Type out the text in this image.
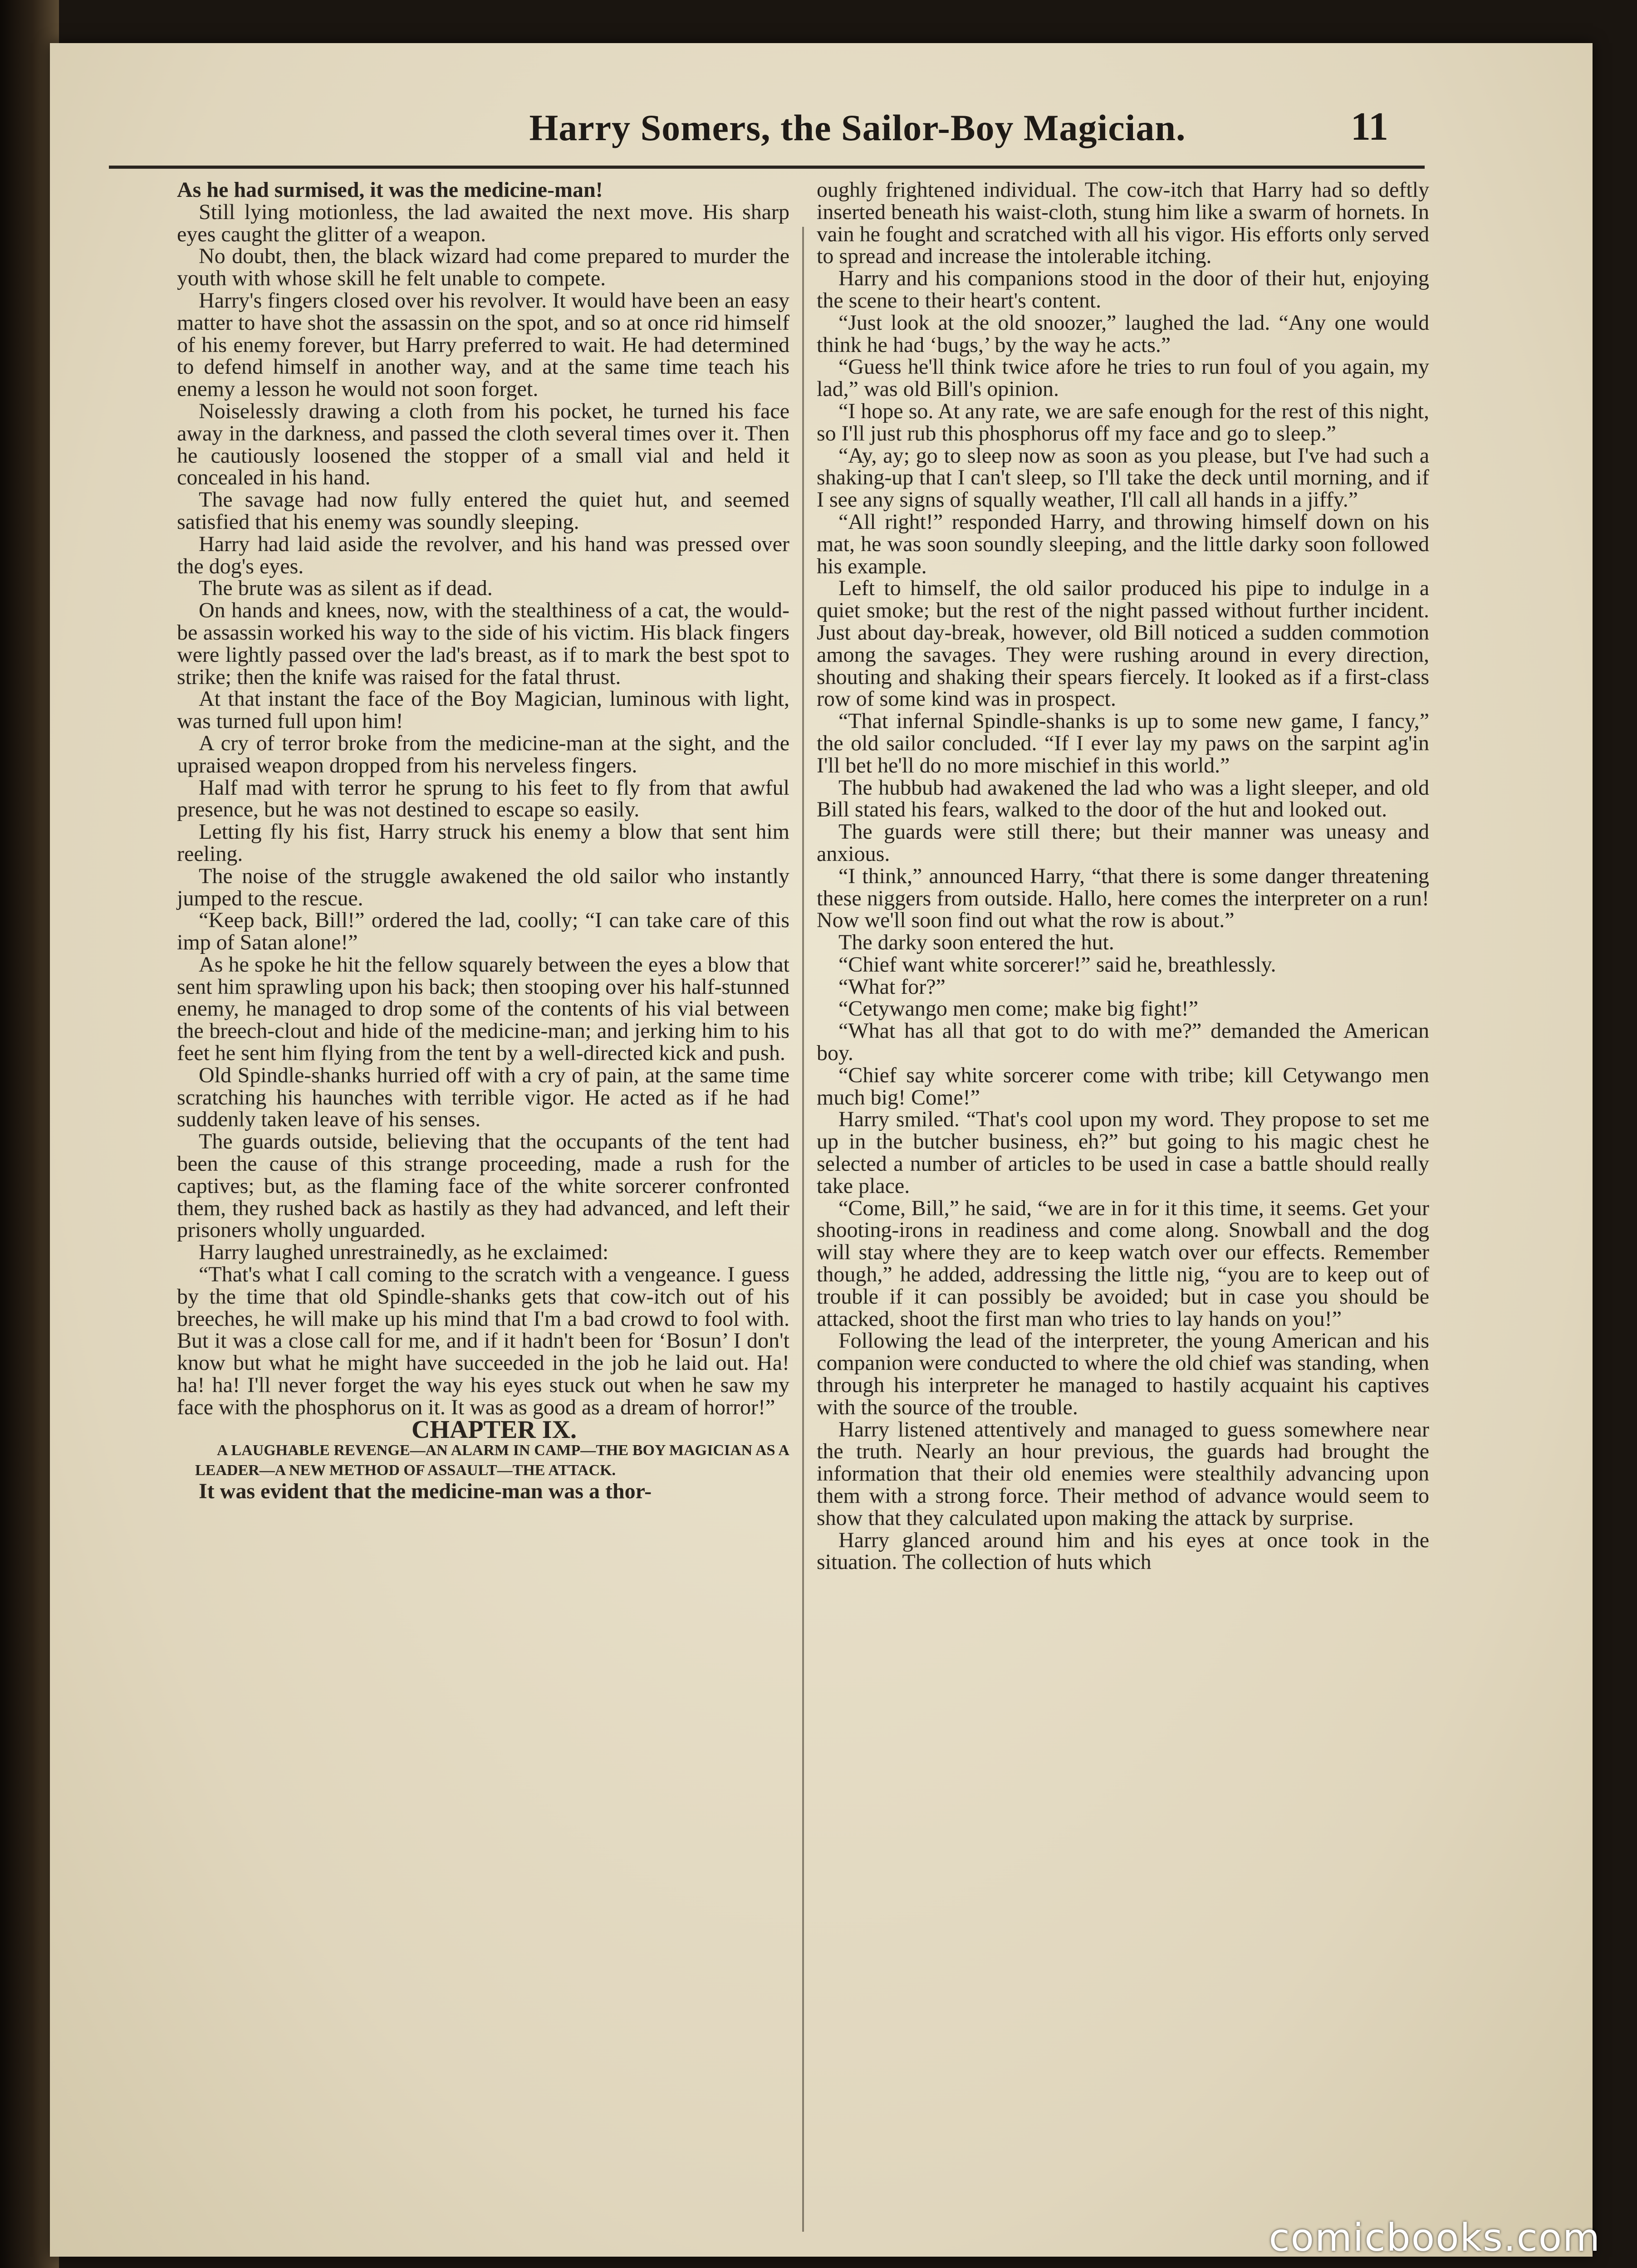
Harry Somers, the Sailor-Boy Magician.	11

As he had surmised, it was the medicine-man!

Still lying motionless, the lad awaited the next move. His sharp eyes caught the glitter of a weapon.

No doubt, then, the black wizard had come prepared to murder the youth with whose skill he felt unable to compete.

Harry's fingers closed over his revolver. It would have been an easy matter to have shot the assassin on the spot, and so at once rid himself of his enemy forever, but Harry preferred to wait. He had determined to defend himself in another way, and at the same time teach his enemy a lesson he would not soon forget.

Noiselessly drawing a cloth from his pocket, he turned his face away in the darkness, and passed the cloth several times over it. Then he cautiously loosened the stopper of a small vial and held it concealed in his hand.

The savage had now fully entered the quiet hut, and seemed satisfied that his enemy was soundly sleeping.

Harry had laid aside the revolver, and his hand was pressed over the dog's eyes.

The brute was as silent as if dead.

On hands and knees, now, with the stealthiness of a cat, the would-be assassin worked his way to the side of his victim. His black fingers were lightly passed over the lad's breast, as if to mark the best spot to strike; then the knife was raised for the fatal thrust.

At that instant the face of the Boy Magician, luminous with light, was turned full upon him!

A cry of terror broke from the medicine-man at the sight, and the upraised weapon dropped from his nerveless fingers.

Half mad with terror he sprung to his feet to fly from that awful presence, but he was not destined to escape so easily.

Letting fly his fist, Harry struck his enemy a blow that sent him reeling.

The noise of the struggle awakened the old sailor who instantly jumped to the rescue.

“Keep back, Bill!” ordered the lad, coolly; “I can take care of this imp of Satan alone!”

As he spoke he hit the fellow squarely between the eyes a blow that sent him sprawling upon his back; then stooping over his half-stunned enemy, he managed to drop some of the contents of his vial between the breech-clout and hide of the medicine-man; and jerking him to his feet he sent him flying from the tent by a well-directed kick and push.

Old Spindle-shanks hurried off with a cry of pain, at the same time scratching his haunches with terrible vigor. He acted as if he had suddenly taken leave of his senses.

The guards outside, believing that the occupants of the tent had been the cause of this strange proceeding, made a rush for the captives; but, as the flaming face of the white sorcerer confronted them, they rushed back as hastily as they had advanced, and left their prisoners wholly unguarded.

Harry laughed unrestrainedly, as he exclaimed:

“That's what I call coming to the scratch with a vengeance. I guess by the time that old Spindle-shanks gets that cow-itch out of his breeches, he will make up his mind that I'm a bad crowd to fool with. But it was a close call for me, and if it hadn't been for ‘Bosun’ I don't know but what he might have succeeded in the job he laid out. Ha! ha! ha! I'll never forget the way his eyes stuck out when he saw my face with the phosphorus on it. It was as good as a dream of horror!”

CHAPTER IX.

A LAUGHABLE REVENGE—AN ALARM IN CAMP—THE BOY MAGICIAN AS A LEADER—A NEW METHOD OF ASSAULT—THE ATTACK.

It was evident that the medicine-man was a thor-

oughly frightened individual. The cow-itch that Harry had so deftly inserted beneath his waist-cloth, stung him like a swarm of hornets. In vain he fought and scratched with all his vigor. His efforts only served to spread and increase the intolerable itching.

Harry and his companions stood in the door of their hut, enjoying the scene to their heart's content.

“Just look at the old snoozer,” laughed the lad. “Any one would think he had ‘bugs,’ by the way he acts.”

“Guess he'll think twice afore he tries to run foul of you again, my lad,” was old Bill's opinion.

“I hope so. At any rate, we are safe enough for the rest of this night, so I'll just rub this phosphorus off my face and go to sleep.”

“Ay, ay; go to sleep now as soon as you please, but I've had such a shaking-up that I can't sleep, so I'll take the deck until morning, and if I see any signs of squally weather, I'll call all hands in a jiffy.”

“All right!” responded Harry, and throwing himself down on his mat, he was soon soundly sleeping, and the little darky soon followed his example.

Left to himself, the old sailor produced his pipe to indulge in a quiet smoke; but the rest of the night passed without further incident. Just about day-break, however, old Bill noticed a sudden commotion among the savages. They were rushing around in every direction, shouting and shaking their spears fiercely. It looked as if a first-class row of some kind was in prospect.

“That infernal Spindle-shanks is up to some new game, I fancy,” the old sailor concluded. “If I ever lay my paws on the sarpint ag'in I'll bet he'll do no more mischief in this world.”

The hubbub had awakened the lad who was a light sleeper, and old Bill stated his fears, walked to the door of the hut and looked out.

The guards were still there; but their manner was uneasy and anxious.

“I think,” announced Harry, “that there is some danger threatening these niggers from outside. Hallo, here comes the interpreter on a run! Now we'll soon find out what the row is about.”

The darky soon entered the hut.

“Chief want white sorcerer!” said he, breathlessly.

“What for?”

“Cetywango men come; make big fight!”

“What has all that got to do with me?” demanded the American boy.

“Chief say white sorcerer come with tribe; kill Cetywango men much big! Come!”

Harry smiled. “That's cool upon my word. They propose to set me up in the butcher business, eh?” but going to his magic chest he selected a number of articles to be used in case a battle should really take place.

“Come, Bill,” he said, “we are in for it this time, it seems. Get your shooting-irons in readiness and come along. Snowball and the dog will stay where they are to keep watch over our effects. Remember though,” he added, addressing the little nig, “you are to keep out of trouble if it can possibly be avoided; but in case you should be attacked, shoot the first man who tries to lay hands on you!”

Following the lead of the interpreter, the young American and his companion were conducted to where the old chief was standing, when through his interpreter he managed to hastily acquaint his captives with the source of the trouble.

Harry listened attentively and managed to guess somewhere near the truth. Nearly an hour previous, the guards had brought the information that their old enemies were stealthily advancing upon them with a strong force. Their method of advance would seem to show that they calculated upon making the attack by surprise.

Harry glanced around him and his eyes at once took in the situation. The collection of huts which

comicbooks.com
